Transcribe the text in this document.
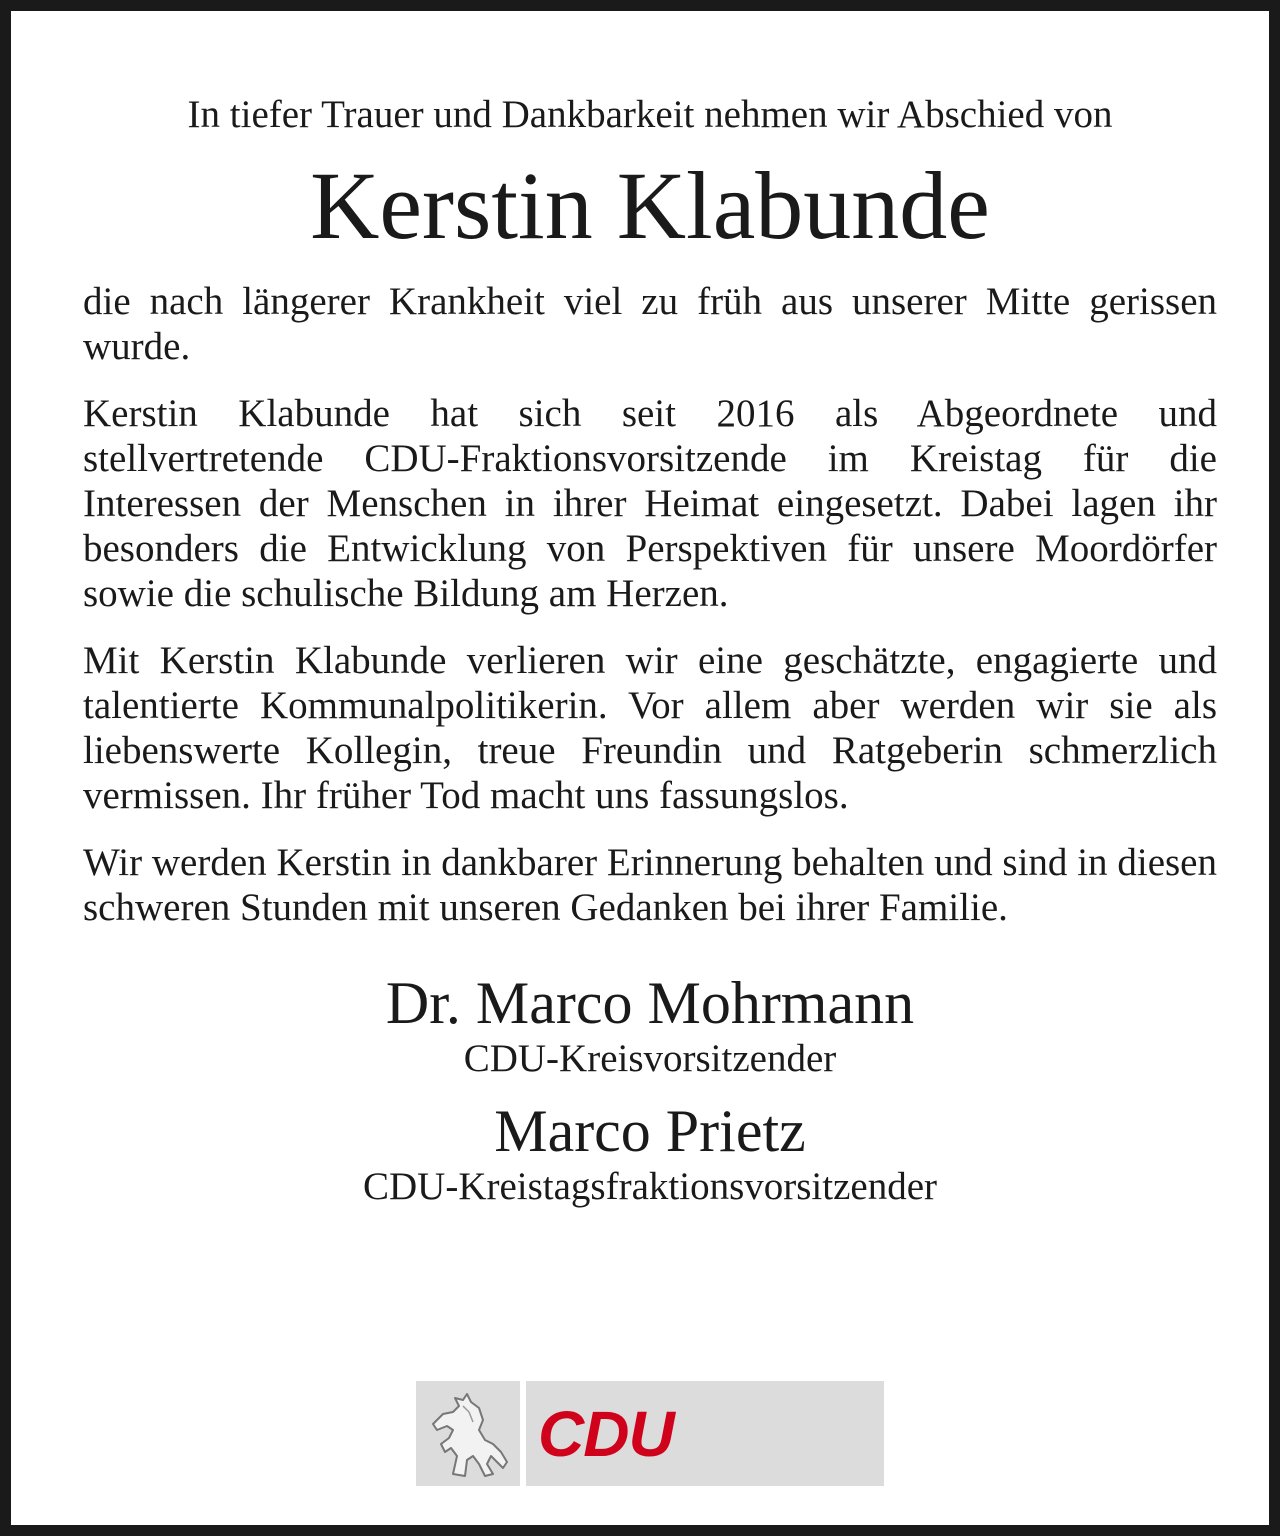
In tiefer Trauer und Dankbarkeit nehmen wir Abschied von

Kerstin Klabunde

die nach längerer Krankheit viel zu früh aus unserer Mitte gerissen wurde.

Kerstin Klabunde hat sich seit 2016 als Abgeordnete und stellvertretende CDU-Fraktionsvorsitzende im Kreistag für die Interessen der Menschen in ihrer Heimat eingesetzt. Dabei lagen ihr besonders die Entwicklung von Perspektiven für unsere Moordörfer sowie die schulische Bildung am Herzen.

Mit Kerstin Klabunde verlieren wir eine geschätzte, engagierte und talentierte Kommunalpolitikerin. Vor allem aber werden wir sie als liebenswerte Kollegin, treue Freundin und Ratgeberin schmerzlich vermissen. Ihr früher Tod macht uns fassungslos.

Wir werden Kerstin in dankbarer Erinnerung behalten und sind in diesen schweren Stunden mit unseren Gedanken bei ihrer Familie.

Dr. Marco Mohrmann

CDU-Kreisvorsitzender

Marco Prietz

CDU-Kreistagsfraktionsvorsitzender

CDU
